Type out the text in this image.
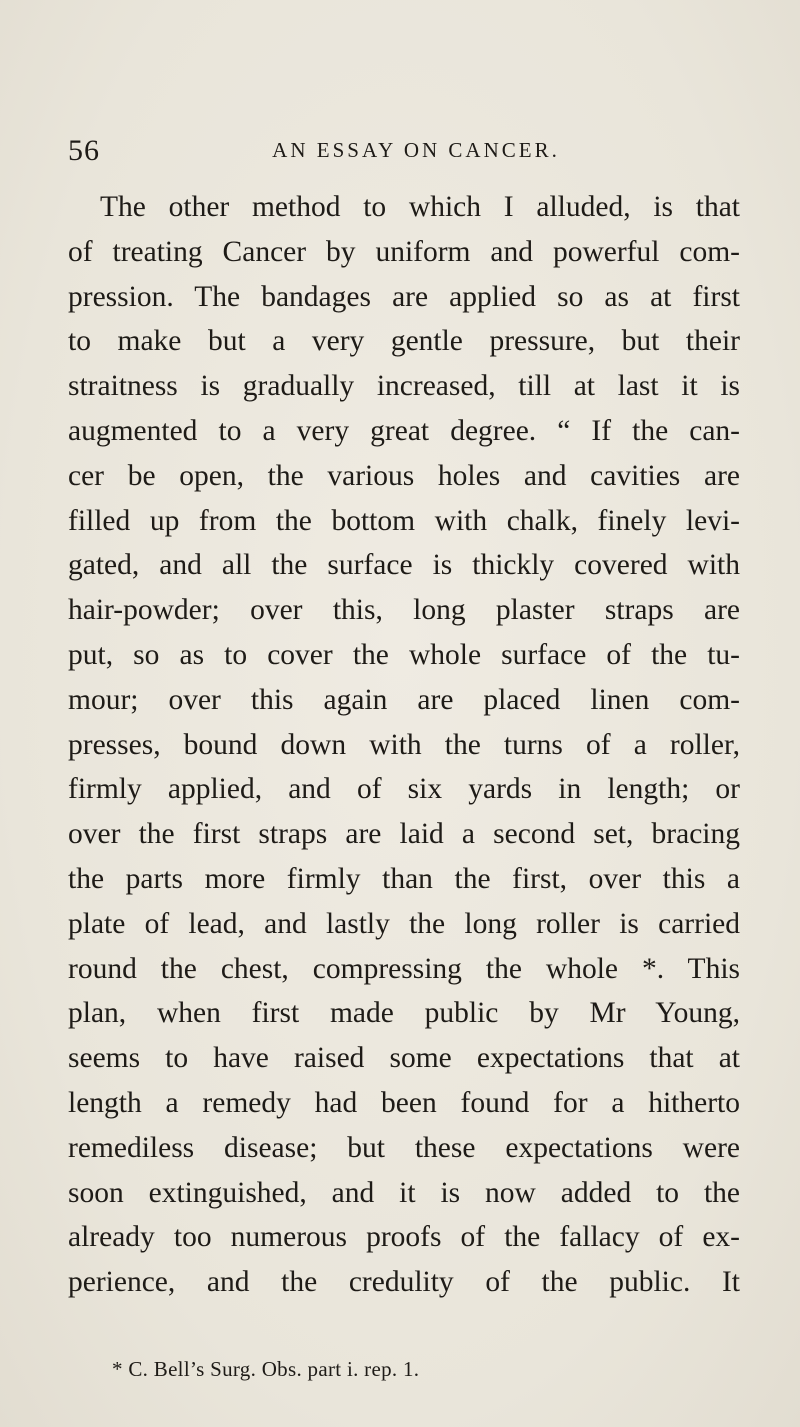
56	AN ESSAY ON CANCER.
The other method to which I alluded, is that
of treating Cancer by uniform and powerful com-
pression. The bandages are applied so as at first
to make but a very gentle pressure, but their
straitness is gradually increased, till at last it is
augmented to a very great degree. “ If the can-
cer be open, the various holes and cavities are
filled up from the bottom with chalk, finely levi-
gated, and all the surface is thickly covered with
hair-powder; over this, long plaster straps are
put, so as to cover the whole surface of the tu-
mour; over this again are placed linen com-
presses, bound down with the turns of a roller,
firmly applied, and of six yards in length; or
over the first straps are laid a second set, bracing
the parts more firmly than the first, over this a
plate of lead, and lastly the long roller is carried
round the chest, compressing the whole *. This
plan, when first made public by Mr Young,
seems to have raised some expectations that at
length a remedy had been found for a hitherto
remediless disease; but these expectations were
soon extinguished, and it is now added to the
already too numerous proofs of the fallacy of ex-
perience, and the credulity of the public. It
* C. Bell’s Surg. Obs. part i. rep. 1.
